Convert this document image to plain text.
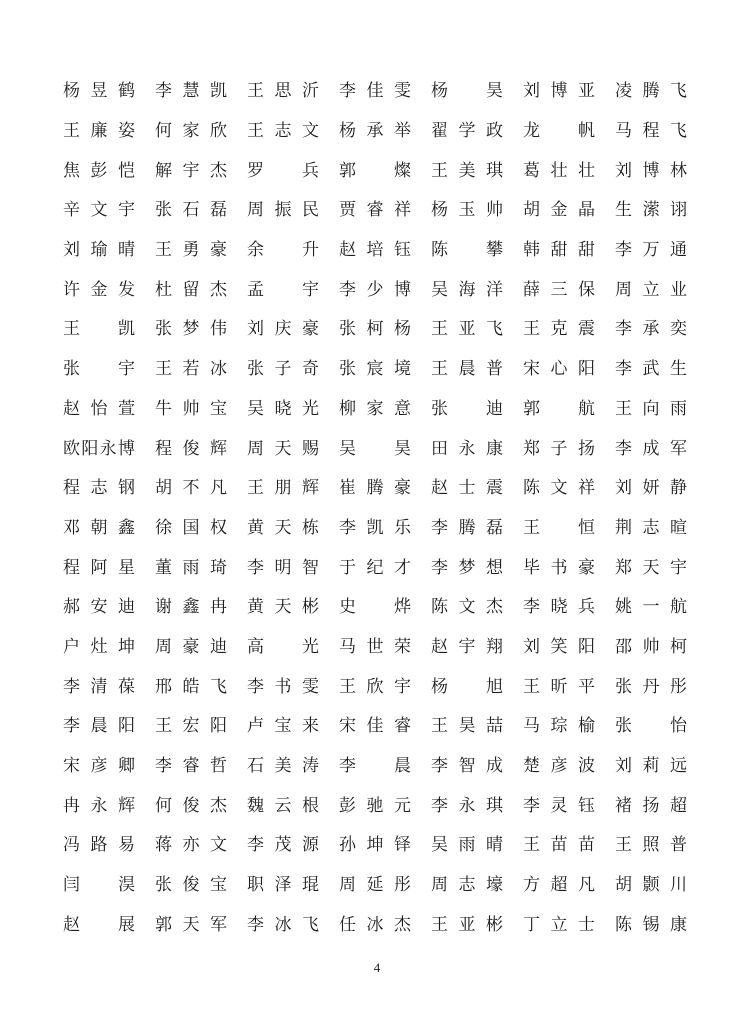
杨 昱 鹤 李 慧 凯 王 思 沂 李 佳 雯 杨 昊 刘 博 亚 凌 腾 飞
王 廉 姿 何 家 欣 王 志 文 杨 承 举 翟 学 政 龙 帆 马 程 飞
焦 彭 恺 解 宇 杰 罗 兵 郭 燦 王 美 琪 葛 壮 壮 刘 博 林
辛 文 宇 张 石 磊 周 振 民 贾 睿 祥 杨 玉 帅 胡 金 晶 生 潆 诩
刘 瑜 晴 王 勇 豪 余 升 赵 培 钰 陈 攀 韩 甜 甜 李 万 通
许 金 发 杜 留 杰 孟 宇 李 少 博 吴 海 洋 薛 三 保 周 立 业
王 凯 张 梦 伟 刘 庆 豪 张 柯 杨 王 亚 飞 王 克 震 李 承 奕
张 宇 王 若 冰 张 子 奇 张 宸 境 王 晨 普 宋 心 阳 李 武 生
赵 怡 萱 牛 帅 宝 吴 晓 光 柳 家 意 张 迪 郭 航 王 向 雨
欧 阳 永 博 程 俊 辉 周 天 赐 吴 昊 田 永 康 郑 子 扬 李 成 军
程 志 钢 胡 不 凡 王 朋 辉 崔 腾 豪 赵 士 震 陈 文 祥 刘 妍 静
邓 朝 鑫 徐 国 权 黄 天 栋 李 凯 乐 李 腾 磊 王 恒 荆 志 暄
程 阿 星 董 雨 琦 李 明 智 于 纪 才 李 梦 想 毕 书 豪 郑 天 宇
郝 安 迪 谢 鑫 冉 黄 天 彬 史 烨 陈 文 杰 李 晓 兵 姚 一 航
户 灶 坤 周 豪 迪 高 光 马 世 荣 赵 宇 翔 刘 笑 阳 邵 帅 柯
李 清 葆 邢 皓 飞 李 书 雯 王 欣 宇 杨 旭 王 昕 平 张 丹 彤
李 晨 阳 王 宏 阳 卢 宝 来 宋 佳 睿 王 昊 喆 马 琮 榆 张 怡
宋 彦 卿 李 睿 哲 石 美 涛 李 晨 李 智 成 楚 彦 波 刘 莉 远
冉 永 辉 何 俊 杰 魏 云 根 彭 驰 元 李 永 琪 李 灵 钰 褚 扬 超
冯 路 易 蒋 亦 文 李 茂 源 孙 坤 铎 吴 雨 晴 王 苗 苗 王 照 普
闫 淏 张 俊 宝 职 泽 琨 周 延 彤 周 志 壕 方 超 凡 胡 颢 川
赵 展 郭 天 军 李 冰 飞 任 冰 杰 王 亚 彬 丁 立 士 陈 锡 康
4
